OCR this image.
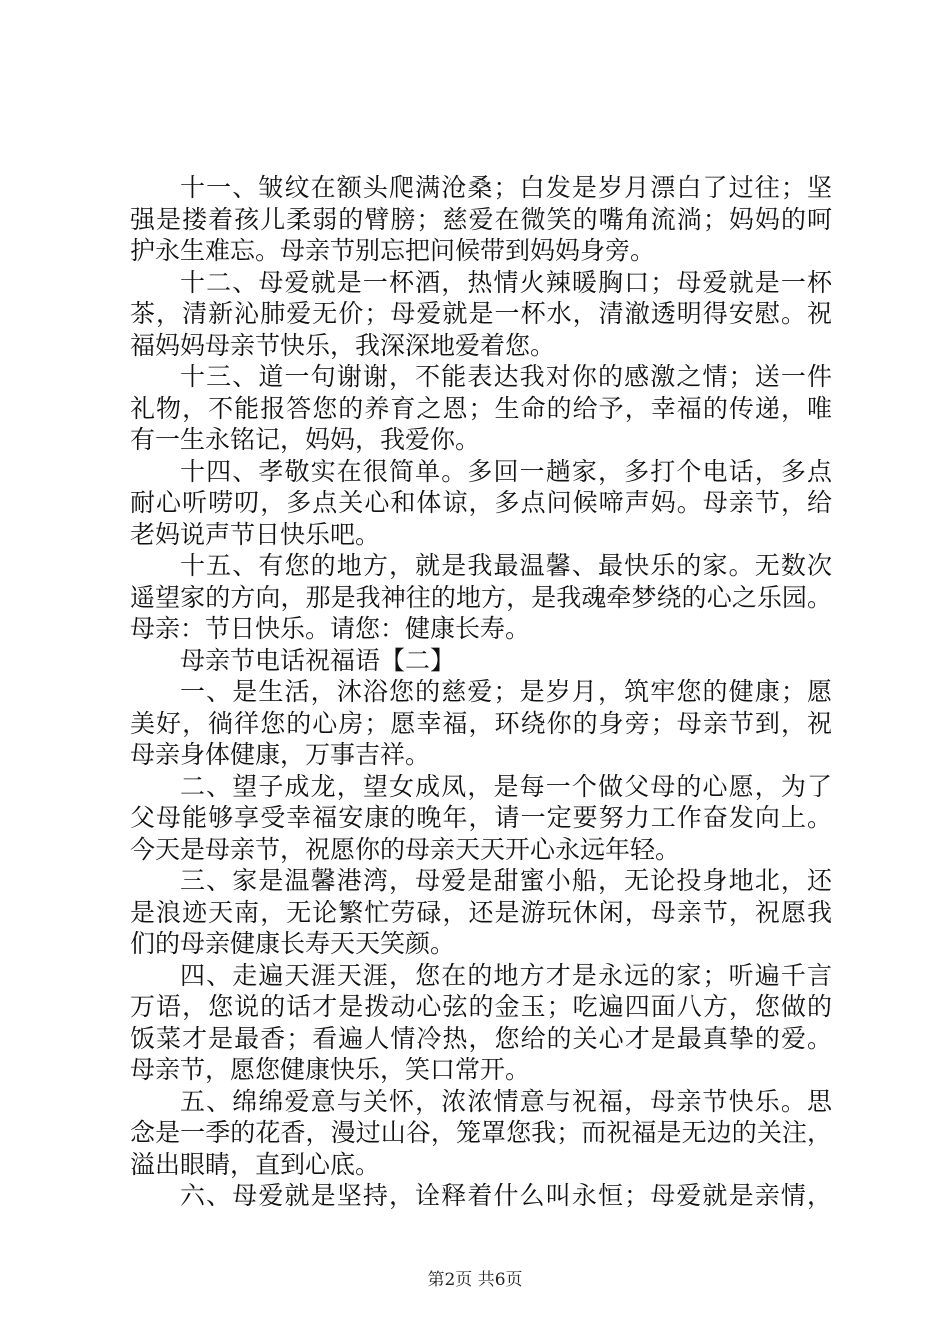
十一、皱纹在额头爬满沧桑；白发是岁月漂白了过往；坚
强是搂着孩儿柔弱的臂膀；慈爱在微笑的嘴角流淌；妈妈的呵
护永生难忘。母亲节别忘把问候带到妈妈身旁。
十二、母爱就是一杯酒，热情火辣暖胸口；母爱就是一杯
茶，清新沁肺爱无价；母爱就是一杯水，清澈透明得安慰。祝
福妈妈母亲节快乐，我深深地爱着您。
十三、道一句谢谢，不能表达我对你的感激之情；送一件
礼物，不能报答您的养育之恩；生命的给予，幸福的传递，唯
有一生永铭记，妈妈，我爱你。
十四、孝敬实在很简单。多回一趟家，多打个电话，多点
耐心听唠叨，多点关心和体谅，多点问候啼声妈。母亲节，给
老妈说声节日快乐吧。
十五、有您的地方，就是我最温馨、最快乐的家。无数次
遥望家的方向，那是我神往的地方，是我魂牵梦绕的心之乐园。
母亲：节日快乐。请您：健康长寿。
母亲节电话祝福语【二】
一、是生活，沐浴您的慈爱；是岁月，筑牢您的健康；愿
美好，徜徉您的心房；愿幸福，环绕你的身旁；母亲节到，祝
母亲身体健康，万事吉祥。
二、望子成龙，望女成凤，是每一个做父母的心愿，为了
父母能够享受幸福安康的晚年，请一定要努力工作奋发向上。
今天是母亲节，祝愿你的母亲天天开心永远年轻。
三、家是温馨港湾，母爱是甜蜜小船，无论投身地北，还
是浪迹天南，无论繁忙劳碌，还是游玩休闲，母亲节，祝愿我
们的母亲健康长寿天天笑颜。
四、走遍天涯天涯，您在的地方才是永远的家；听遍千言
万语，您说的话才是拨动心弦的金玉；吃遍四面八方，您做的
饭菜才是最香；看遍人情冷热，您给的关心才是最真挚的爱。
母亲节，愿您健康快乐，笑口常开。
五、绵绵爱意与关怀，浓浓情意与祝福，母亲节快乐。思
念是一季的花香，漫过山谷，笼罩您我；而祝福是无边的关注，
溢出眼睛，直到心底。
六、母爱就是坚持，诠释着什么叫永恒；母爱就是亲情，
第2页 共6页
